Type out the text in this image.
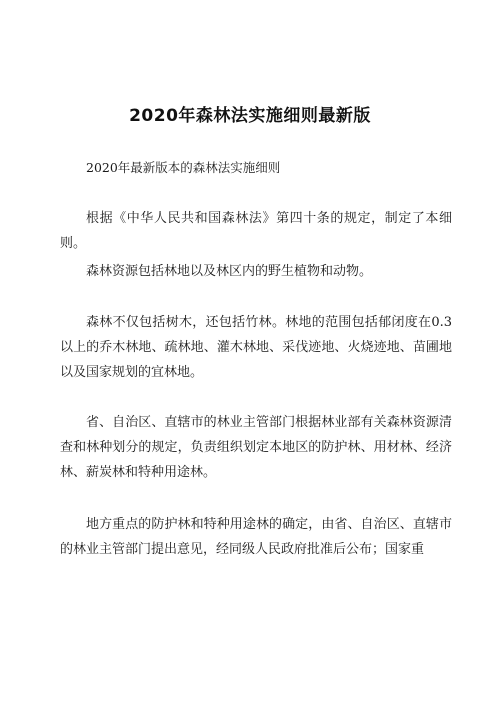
2020年森林法实施细则最新版

2020年最新版本的森林法实施细则

根据《中华人民共和国森林法》第四十条的规定，制定了本细则。

森林资源包括林地以及林区内的野生植物和动物。

森林不仅包括树木，还包括竹林。林地的范围包括郁闭度在0.3以上的乔木林地、疏林地、灌木林地、采伐迹地、火烧迹地、苗圃地以及国家规划的宜林地。

省、自治区、直辖市的林业主管部门根据林业部有关森林资源清查和林种划分的规定，负责组织划定本地区的防护林、用材林、经济林、薪炭林和特种用途林。

地方重点的防护林和特种用途林的确定，由省、自治区、直辖市的林业主管部门提出意见，经同级人民政府批准后公布；国家重
